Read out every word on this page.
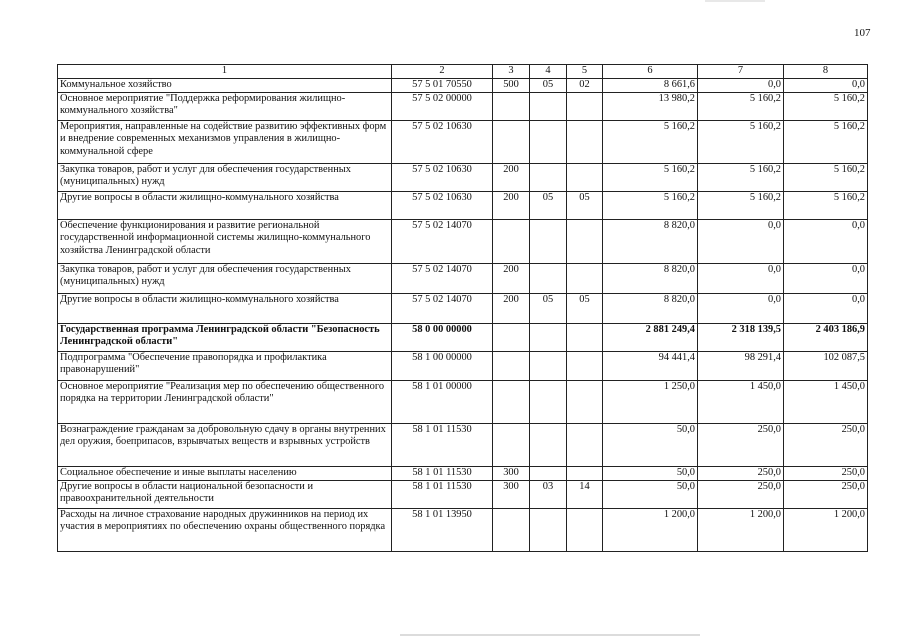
107
1	2	3	4	5	6	7	8
Коммунальное хозяйство	57 5 01 70550	500	05	02	8 661,6	0,0	0,0
Основное мероприятие "Поддержка реформирования жилищно-коммунального хозяйства"	57 5 02 00000				13 980,2	5 160,2	5 160,2
Мероприятия, направленные на содействие развитию эффективных форм и внедрение современных механизмов управления в жилищно-коммунальной сфере	57 5 02 10630				5 160,2	5 160,2	5 160,2
Закупка товаров, работ и услуг для обеспечения государственных (муниципальных) нужд	57 5 02 10630	200			5 160,2	5 160,2	5 160,2
Другие вопросы в области жилищно-коммунального хозяйства	57 5 02 10630	200	05	05	5 160,2	5 160,2	5 160,2
Обеспечение функционирования и развитие региональной государственной информационной системы жилищно-коммунального хозяйства Ленинградской области	57 5 02 14070				8 820,0	0,0	0,0
Закупка товаров, работ и услуг для обеспечения государственных (муниципальных) нужд	57 5 02 14070	200			8 820,0	0,0	0,0
Другие вопросы в области жилищно-коммунального хозяйства	57 5 02 14070	200	05	05	8 820,0	0,0	0,0
Государственная программа Ленинградской области "Безопасность Ленинградской области"	58 0 00 00000				2 881 249,4	2 318 139,5	2 403 186,9
Подпрограмма "Обеспечение правопорядка и профилактика правонарушений"	58 1 00 00000				94 441,4	98 291,4	102 087,5
Основное мероприятие "Реализация мер по обеспечению общественного порядка на территории Ленинградской области"	58 1 01 00000				1 250,0	1 450,0	1 450,0
Вознаграждение гражданам за добровольную сдачу в органы внутренних дел оружия, боеприпасов, взрывчатых веществ и взрывных устройств	58 1 01 11530				50,0	250,0	250,0
Социальное обеспечение и иные выплаты населению	58 1 01 11530	300			50,0	250,0	250,0
Другие вопросы в области национальной безопасности и правоохранительной деятельности	58 1 01 11530	300	03	14	50,0	250,0	250,0
Расходы на личное страхование народных дружинников на период их участия в мероприятиях по обеспечению охраны общественного порядка	58 1 01 13950				1 200,0	1 200,0	1 200,0
